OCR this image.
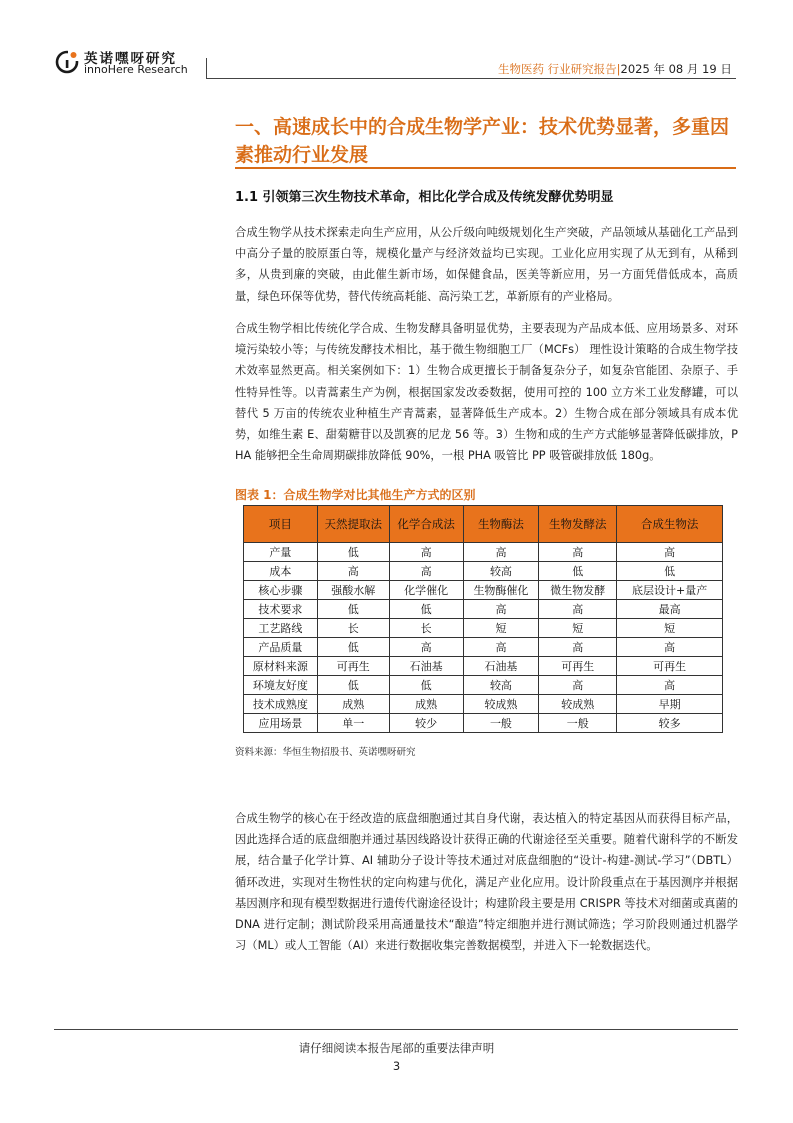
英诺嘿呀研究
innoHere Research	生物医药 行业研究报告|2025 年 08 月 19 日
一、高速成长中的合成生物学产业：技术优势显著，多重因素推动行业发展
1.1 引领第三次生物技术革命，相比化学合成及传统发酵优势明显

合成生物学从技术探索走向生产应用，从公斤级向吨级规划化生产突破，产品领域从基础化工产品到中高分子量的胶原蛋白等，规模化量产与经济效益均已实现。工业化应用实现了从无到有，从稀到多，从贵到廉的突破，由此催生新市场，如保健食品，医美等新应用，另一方面凭借低成本，高质量，绿色环保等优势，替代传统高耗能、高污染工艺，革新原有的产业格局。

合成生物学相比传统化学合成、生物发酵具备明显优势，主要表现为产品成本低、应用场景多、对环境污染较小等；与传统发酵技术相比，基于微生物细胞工厂（MCFs） 理性设计策略的合成生物学技术效率显然更高。相关案例如下：1）生物合成更擅长于制备复杂分子，如复杂官能团、杂原子、手性特异性等。以青蒿素生产为例，根据国家发改委数据，使用可控的 100 立方米工业发酵罐，可以替代 5 万亩的传统农业种植生产青蒿素，显著降低生产成本。2）生物合成在部分领域具有成本优势，如维生素 E、甜菊糖苷以及凯赛的尼龙 56 等。3）生物和成的生产方式能够显著降低碳排放，PHA 能够把全生命周期碳排放降低 90%，一根 PHA 吸管比 PP 吸管碳排放低 180g。

图表 1：合成生物学对比其他生产方式的区别

项目	天然提取法	化学合成法	生物酶法	生物发酵法	合成生物法
产量	低	高	高	高	高
成本	高	高	较高	低	低
核心步骤	强酸水解	化学催化	生物酶催化	微生物发酵	底层设计+量产
技术要求	低	低	高	高	最高
工艺路线	长	长	短	短	短
产品质量	低	高	高	高	高
原材料来源	可再生	石油基	石油基	可再生	可再生
环境友好度	低	低	较高	高	高
技术成熟度	成熟	成熟	较成熟	较成熟	早期
应用场景	单一	较少	一般	一般	较多

资料来源：华恒生物招股书、英诺嘿呀研究

合成生物学的核心在于经改造的底盘细胞通过其自身代谢，表达植入的特定基因从而获得目标产品，因此选择合适的底盘细胞并通过基因线路设计获得正确的代谢途径至关重要。随着代谢科学的不断发展，结合量子化学计算、AI 辅助分子设计等技术通过对底盘细胞的“设计-构建-测试-学习”（DBTL）循环改进，实现对生物性状的定向构建与优化，满足产业化应用。设计阶段重点在于基因测序并根据基因测序和现有模型数据进行遗传代谢途径设计；构建阶段主要是用 CRISPR 等技术对细菌或真菌的 DNA 进行定制；测试阶段采用高通量技术“酿造”特定细胞并进行测试筛选；学习阶段则通过机器学习（ML）或人工智能（AI）来进行数据收集完善数据模型，并进入下一轮数据迭代。

请仔细阅读本报告尾部的重要法律声明

3
